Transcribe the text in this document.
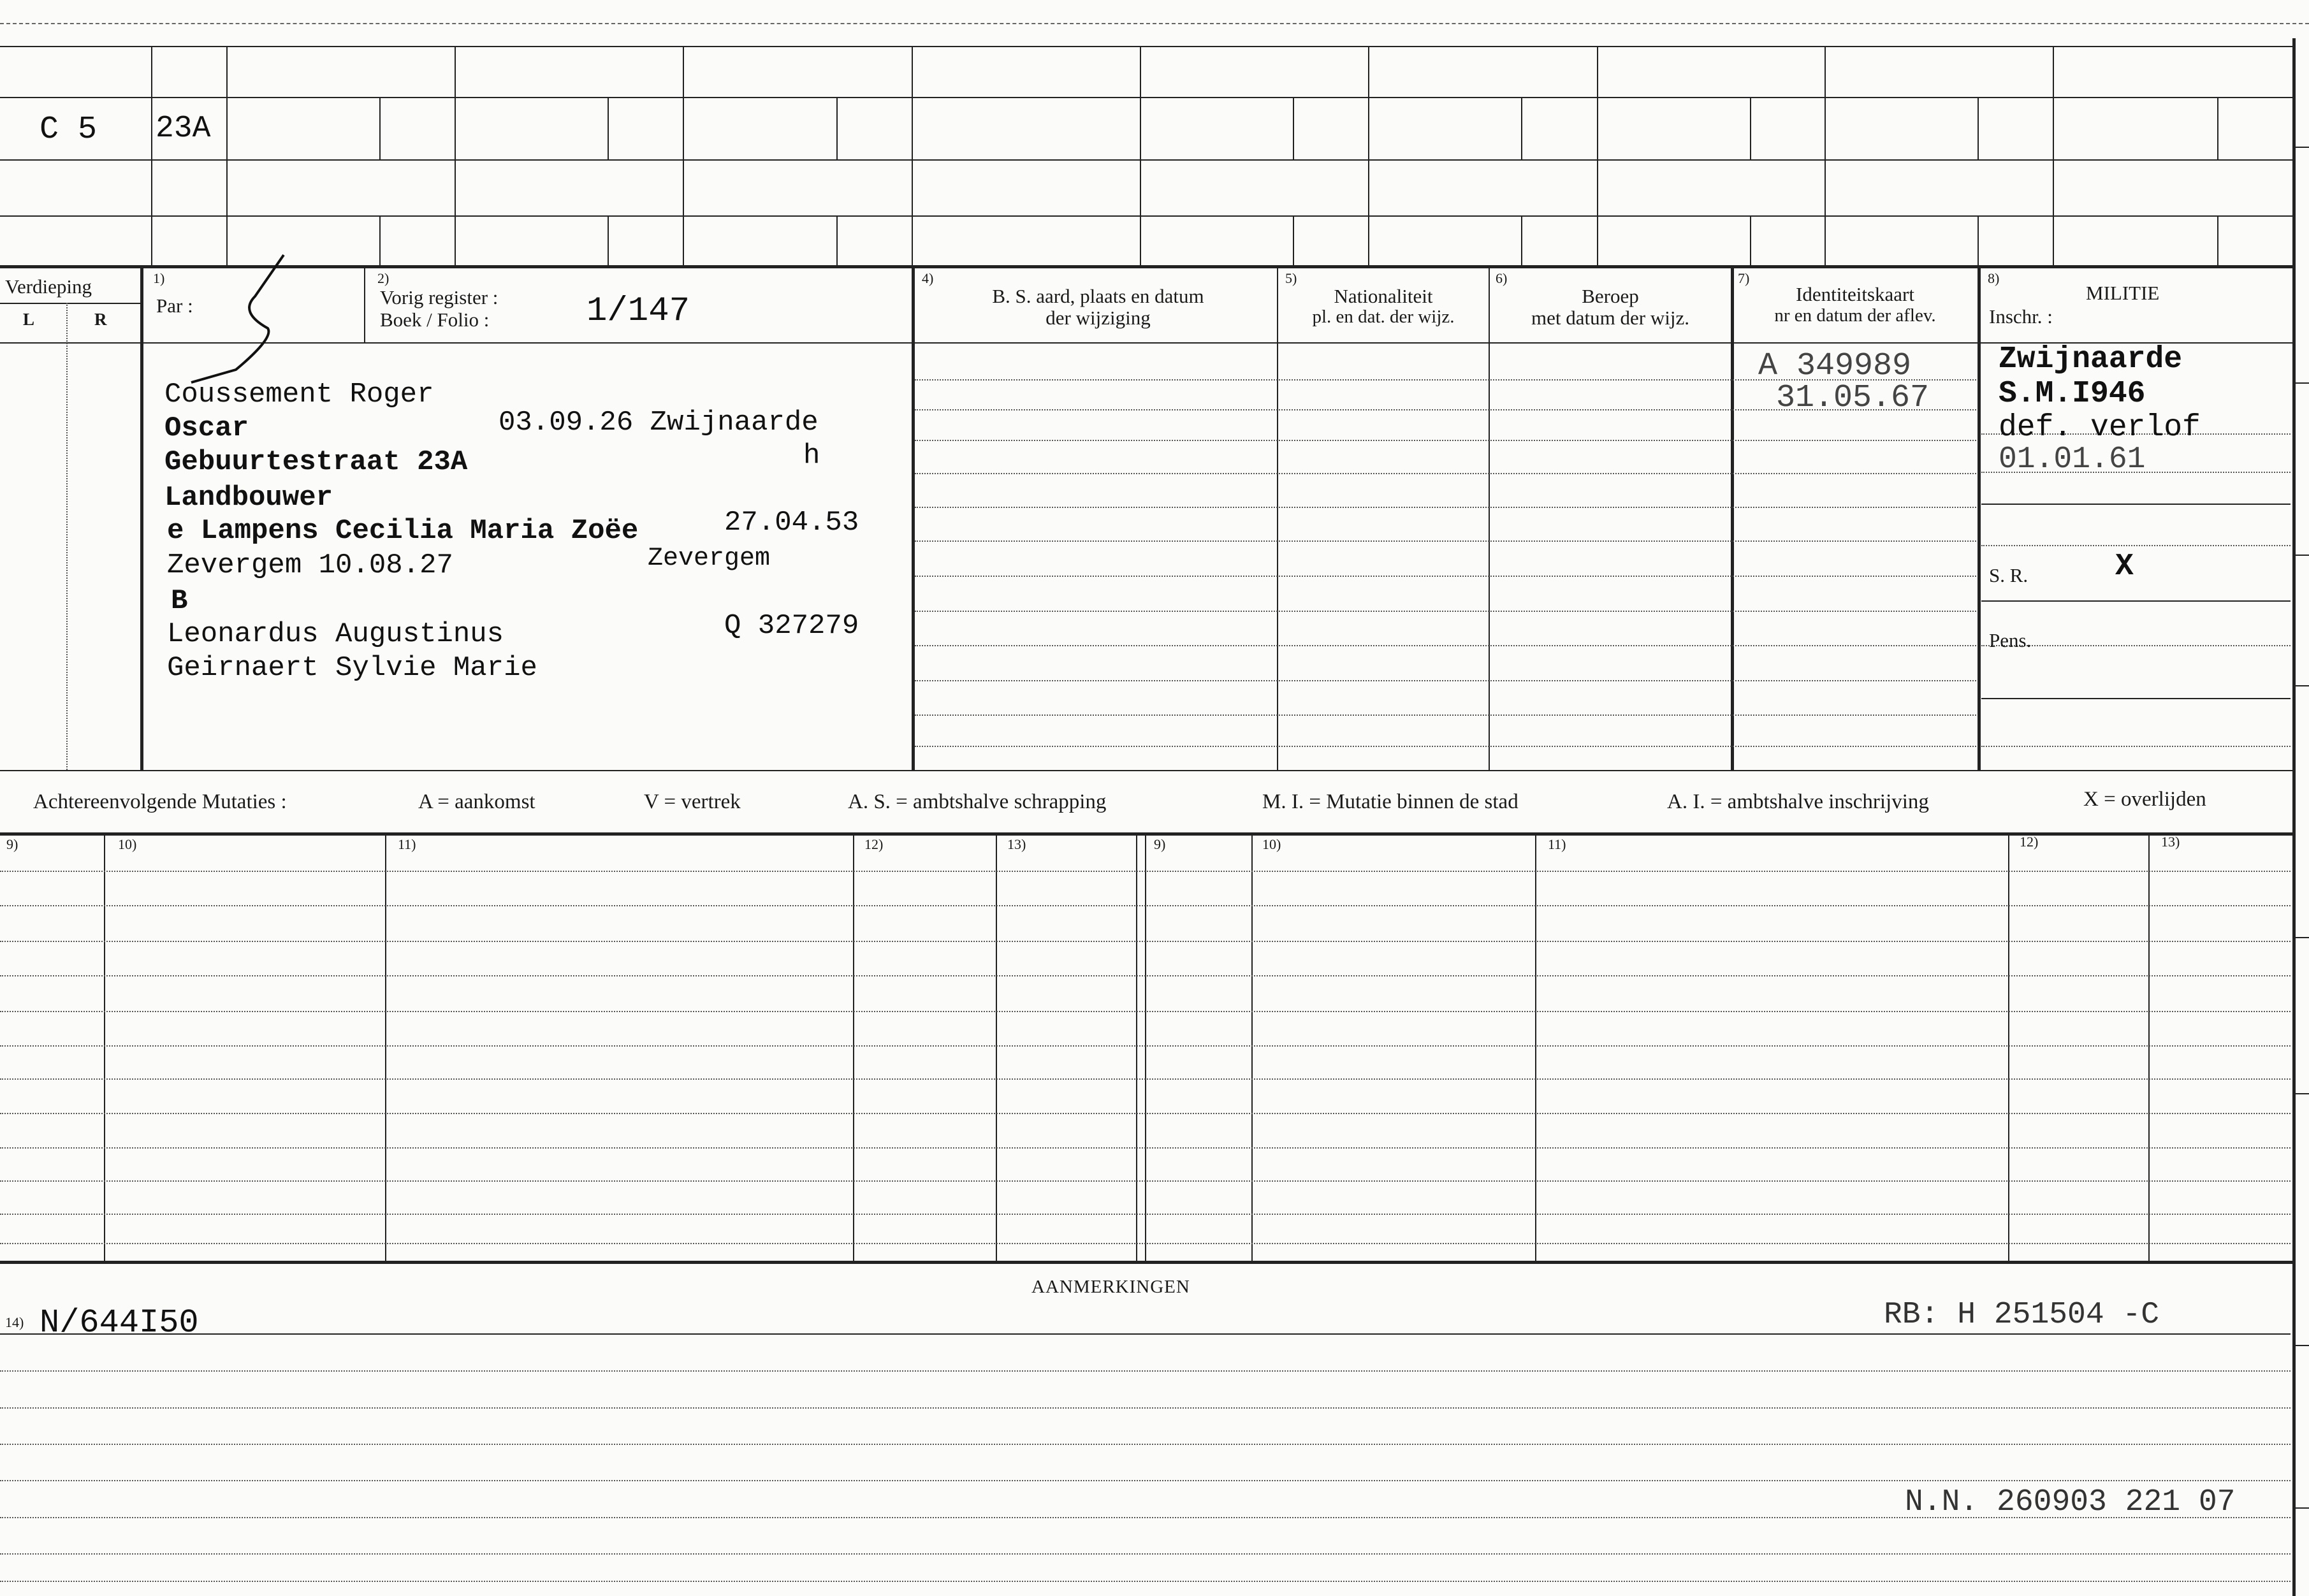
C 5 23A
Verdieping
L	R
1)
Par :
2)
Vorig register :
Boek / Folio :	1/147
4)
B. S. aard, plaats en datum
der wijziging
5)
Nationaliteit
pl. en dat. der wijz.
6)
Beroep
met datum der wijz.
7)
Identiteitskaart
nr en datum der aflev.
8)
MILITIE
Inschr. :
Coussement Roger
Oscar	03.09.26 Zwijnaarde
Gebuurtestraat 23A	h
Landbouwer
e Lampens Cecilia Maria Zoëe	27.04.53
Zevergem 10.08.27	Zevergem
B
Leonardus Augustinus	Q 327279
Geirnaert Sylvie Marie
A 349989
31.05.67
Zwijnaarde
S.M.I946
def. verlof
01.01.61
S. R.	X
Pens.
Achtereenvolgende Mutaties :	A = aankomst	V = vertrek	A. S. = ambtshalve schrapping	M. I. = Mutatie binnen de stad	A. I. = ambtshalve inschrijving	X = overlijden
9)	10)	11)	12)	13)	9)	10)	11)	12)	13)
AANMERKINGEN
14) N/644I50	RB: H 251504 -C
N.N. 260903 221 07
